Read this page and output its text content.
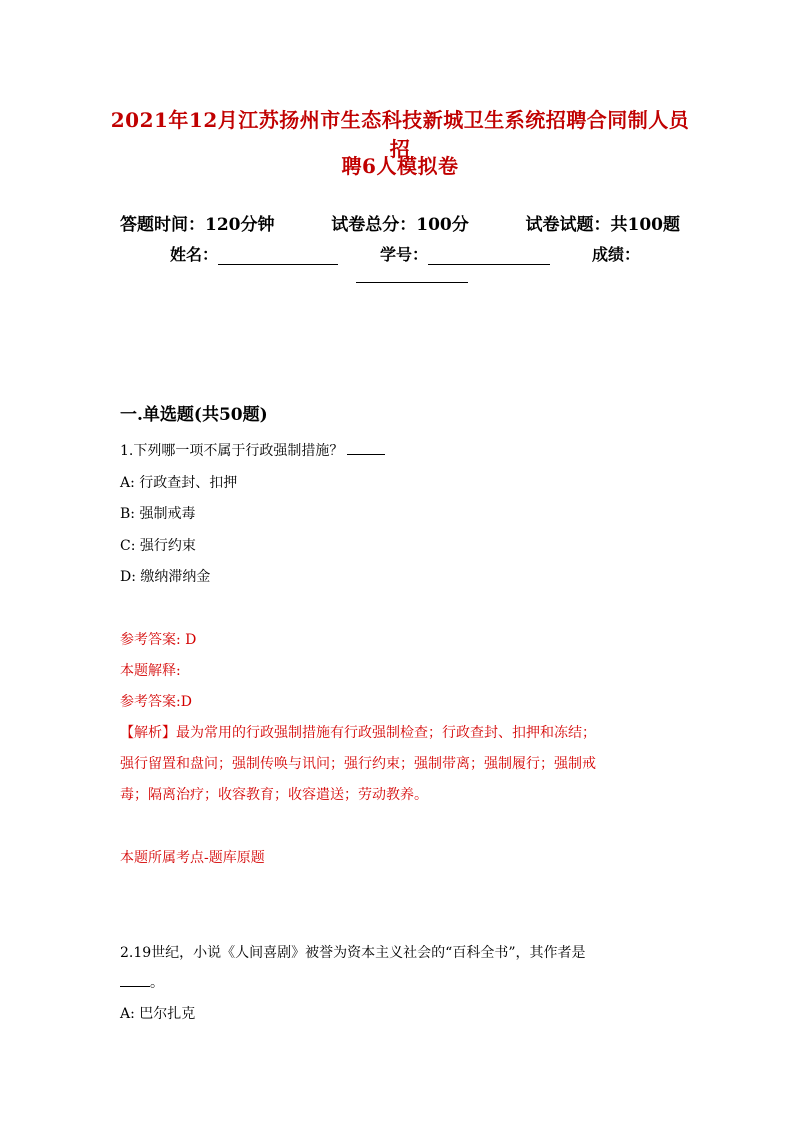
2021年12月江苏扬州市生态科技新城卫生系统招聘合同制人员招
聘6人模拟卷
答题时间：120分钟	试卷总分：100分	试卷试题：共100题
姓名：	学号：	成绩：
一.单选题(共50题)
1.下列哪一项不属于行政强制措施？
A: 行政查封、扣押
B: 强制戒毒
C: 强行约束
D: 缴纳滞纳金
参考答案: D
本题解释:
参考答案:D
【解析】最为常用的行政强制措施有行政强制检查；行政查封、扣押和冻结；
强行留置和盘问；强制传唤与讯问；强行约束；强制带离；强制履行；强制戒
毒；隔离治疗；收容教育；收容遣送；劳动教养。
本题所属考点-题库原题
2.19世纪，小说《人间喜剧》被誉为资本主义社会的“百科全书”，其作者是
。
A: 巴尔扎克
